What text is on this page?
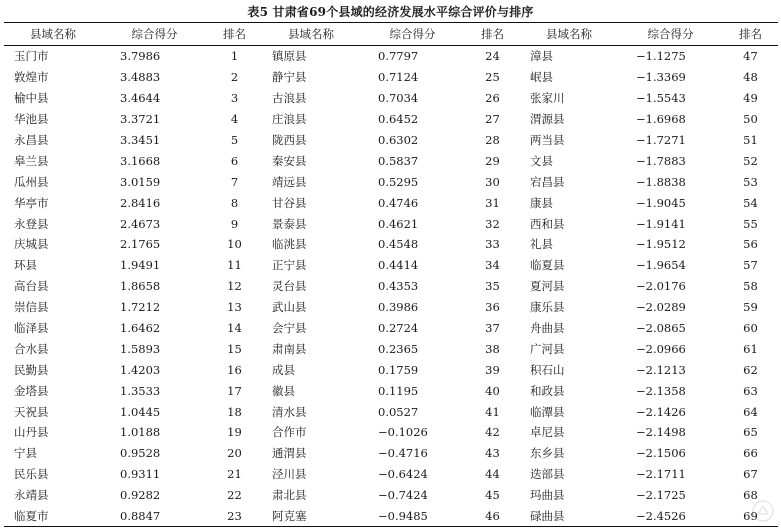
表5 甘肃省69个县域的经济发展水平综合评价与排序
县域名称	综合得分	排名	县域名称	综合得分	排名	县域名称	综合得分	排名
玉门市	3.7986	1	镇原县	0.7797	24	漳县	−1.1275	47
敦煌市	3.4883	2	静宁县	0.7124	25	岷县	−1.3369	48
榆中县	3.4644	3	古浪县	0.7034	26	张家川	−1.5543	49
华池县	3.3721	4	庄浪县	0.6452	27	渭源县	−1.6968	50
永昌县	3.3451	5	陇西县	0.6302	28	两当县	−1.7271	51
皋兰县	3.1668	6	秦安县	0.5837	29	文县	−1.7883	52
瓜州县	3.0159	7	靖远县	0.5295	30	宕昌县	−1.8838	53
华亭市	2.8416	8	甘谷县	0.4746	31	康县	−1.9045	54
永登县	2.4673	9	景泰县	0.4621	32	西和县	−1.9141	55
庆城县	2.1765	10	临洮县	0.4548	33	礼县	−1.9512	56
环县	1.9491	11	正宁县	0.4414	34	临夏县	−1.9654	57
高台县	1.8658	12	灵台县	0.4353	35	夏河县	−2.0176	58
崇信县	1.7212	13	武山县	0.3986	36	康乐县	−2.0289	59
临泽县	1.6462	14	会宁县	0.2724	37	舟曲县	−2.0865	60
合水县	1.5893	15	肃南县	0.2365	38	广河县	−2.0966	61
民勤县	1.4203	16	成县	0.1759	39	积石山	−2.1213	62
金塔县	1.3533	17	徽县	0.1195	40	和政县	−2.1358	63
天祝县	1.0445	18	清水县	0.0527	41	临潭县	−2.1426	64
山丹县	1.0188	19	合作市	−0.1026	42	卓尼县	−2.1498	65
宁县	0.9528	20	通渭县	−0.4716	43	东乡县	−2.1506	66
民乐县	0.9311	21	泾川县	−0.6424	44	迭部县	−2.1711	67
永靖县	0.9282	22	肃北县	−0.7424	45	玛曲县	−2.1725	68
临夏市	0.8847	23	阿克塞	−0.9485	46	碌曲县	−2.4526	69
